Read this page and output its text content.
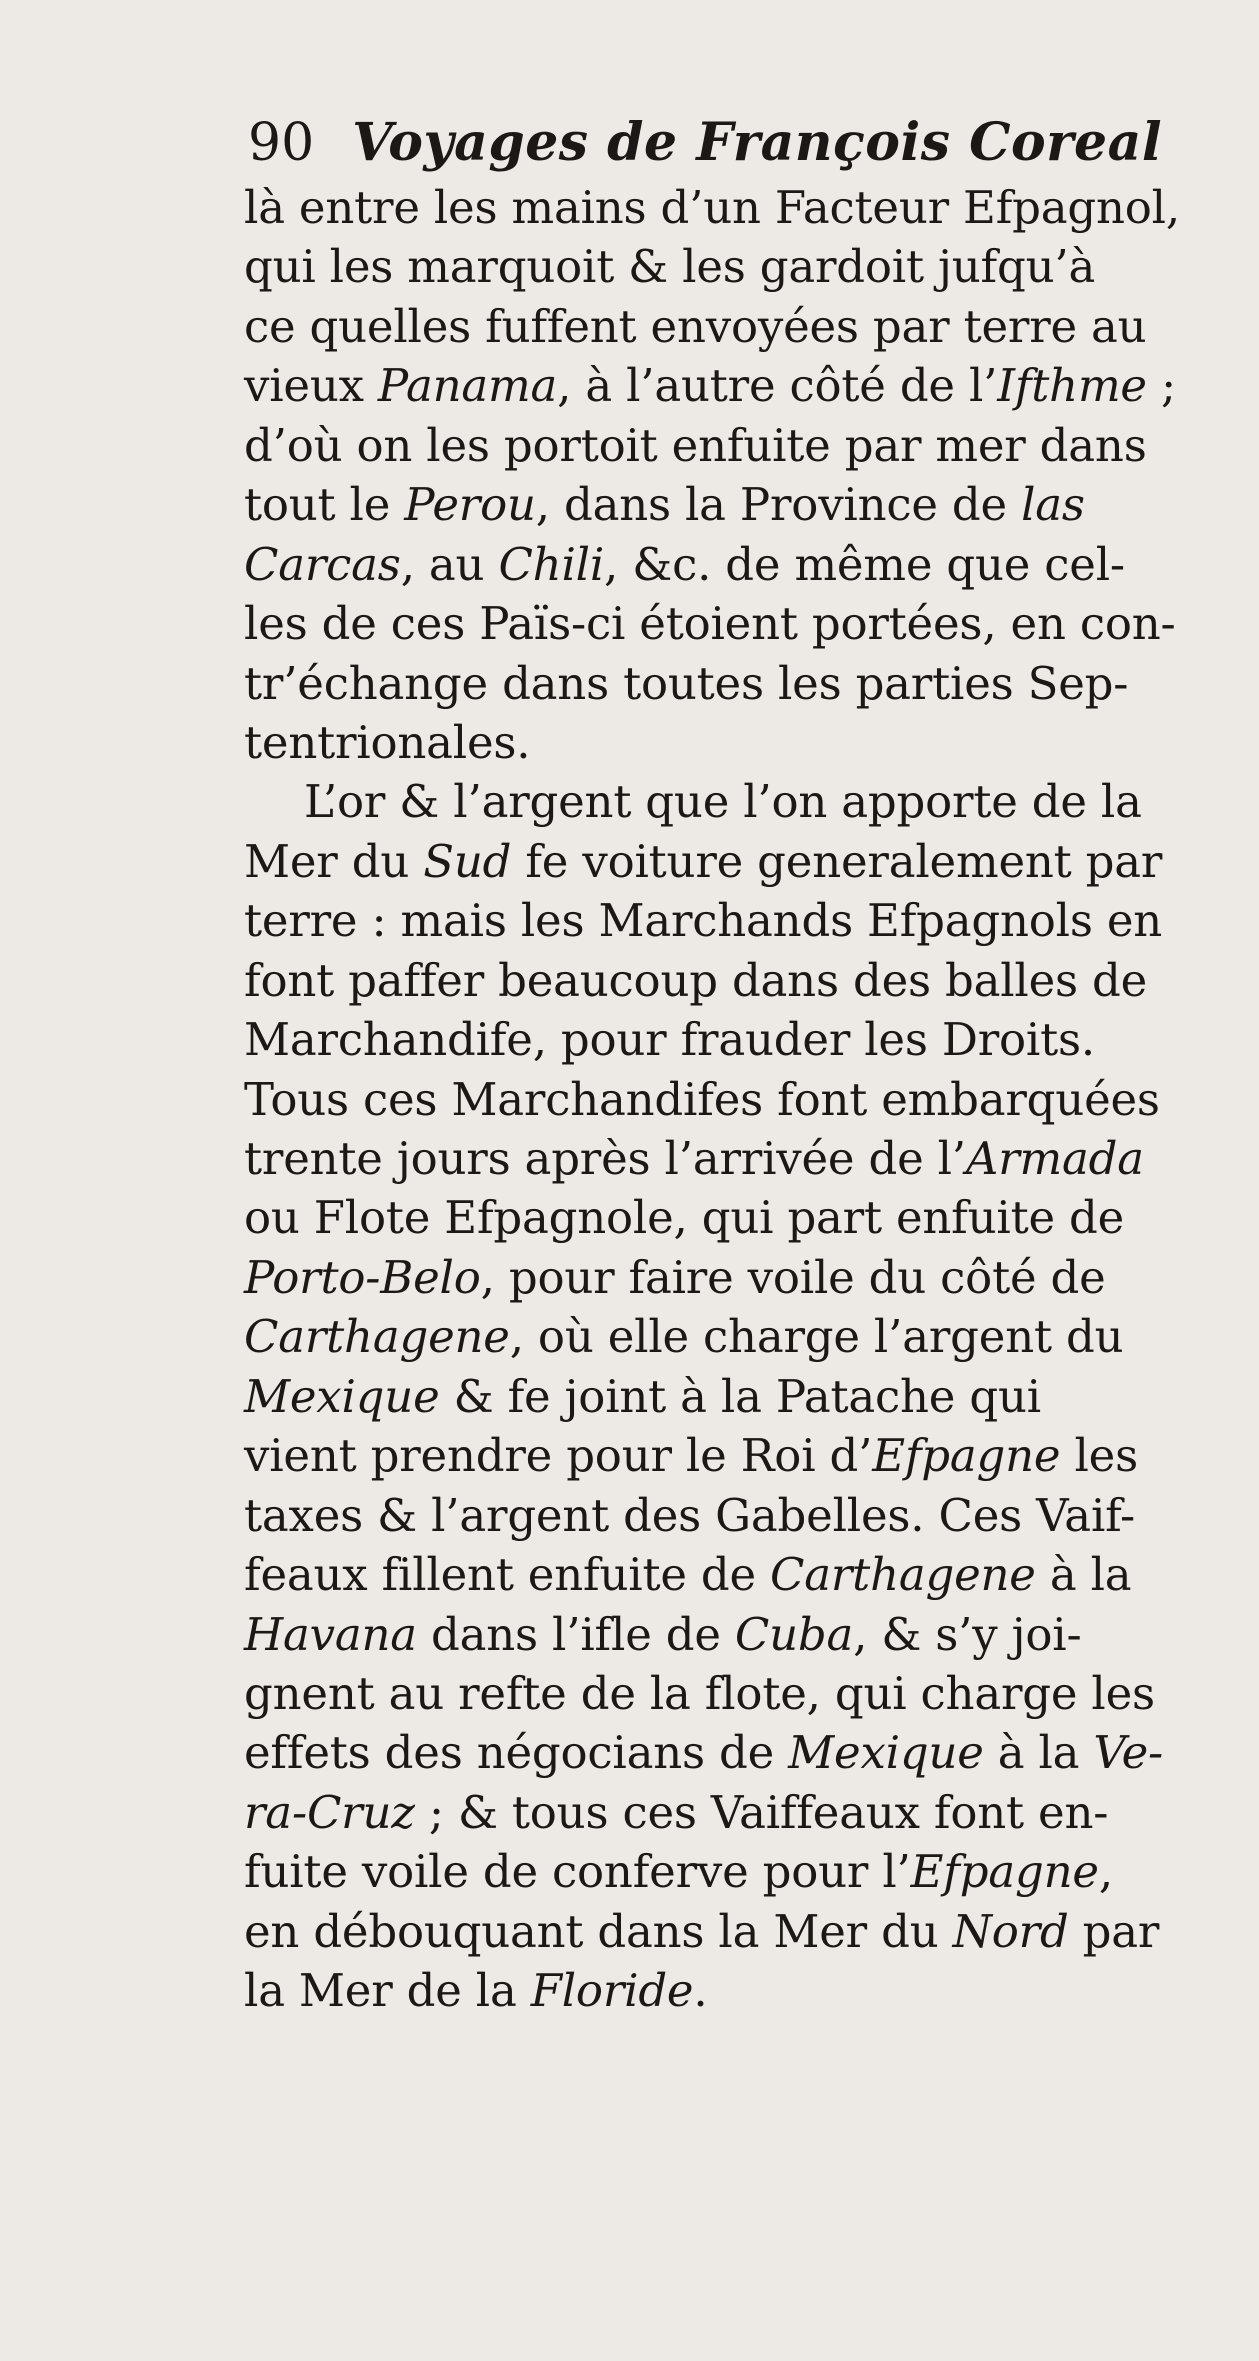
90 Voyages de François Coreal
là entre les mains d’un Facteur Efpagnol,
qui les marquoit & les gardoit jufqu’à
ce quelles fuffent envoyées par terre au
vieux Panama, à l’autre côté de l’Ifthme ;
d’où on les portoit enfuite par mer dans
tout le Perou, dans la Province de las
Carcas, au Chili, &c. de même que cel-
les de ces Païs-ci étoient portées, en con-
tr’échange dans toutes les parties Sep-
tentrionales.
L’or & l’argent que l’on apporte de la
Mer du Sud fe voiture generalement par
terre : mais les Marchands Efpagnols en
font paffer beaucoup dans des balles de
Marchandife, pour frauder les Droits.
Tous ces Marchandifes font embarquées
trente jours après l’arrivée de l’Armada
ou Flote Efpagnole, qui part enfuite de
Porto-Belo, pour faire voile du côté de
Carthagene, où elle charge l’argent du
Mexique & fe joint à la Patache qui
vient prendre pour le Roi d’Efpagne les
taxes & l’argent des Gabelles. Ces Vaif-
feaux fillent enfuite de Carthagene à la
Havana dans l’ifle de Cuba, & s’y joi-
gnent au refte de la flote, qui charge les
effets des négocians de Mexique à la Ve-
ra-Cruz ; & tous ces Vaiffeaux font en-
fuite voile de conferve pour l’Efpagne,
en débouquant dans la Mer du Nord par
la Mer de la Floride.
